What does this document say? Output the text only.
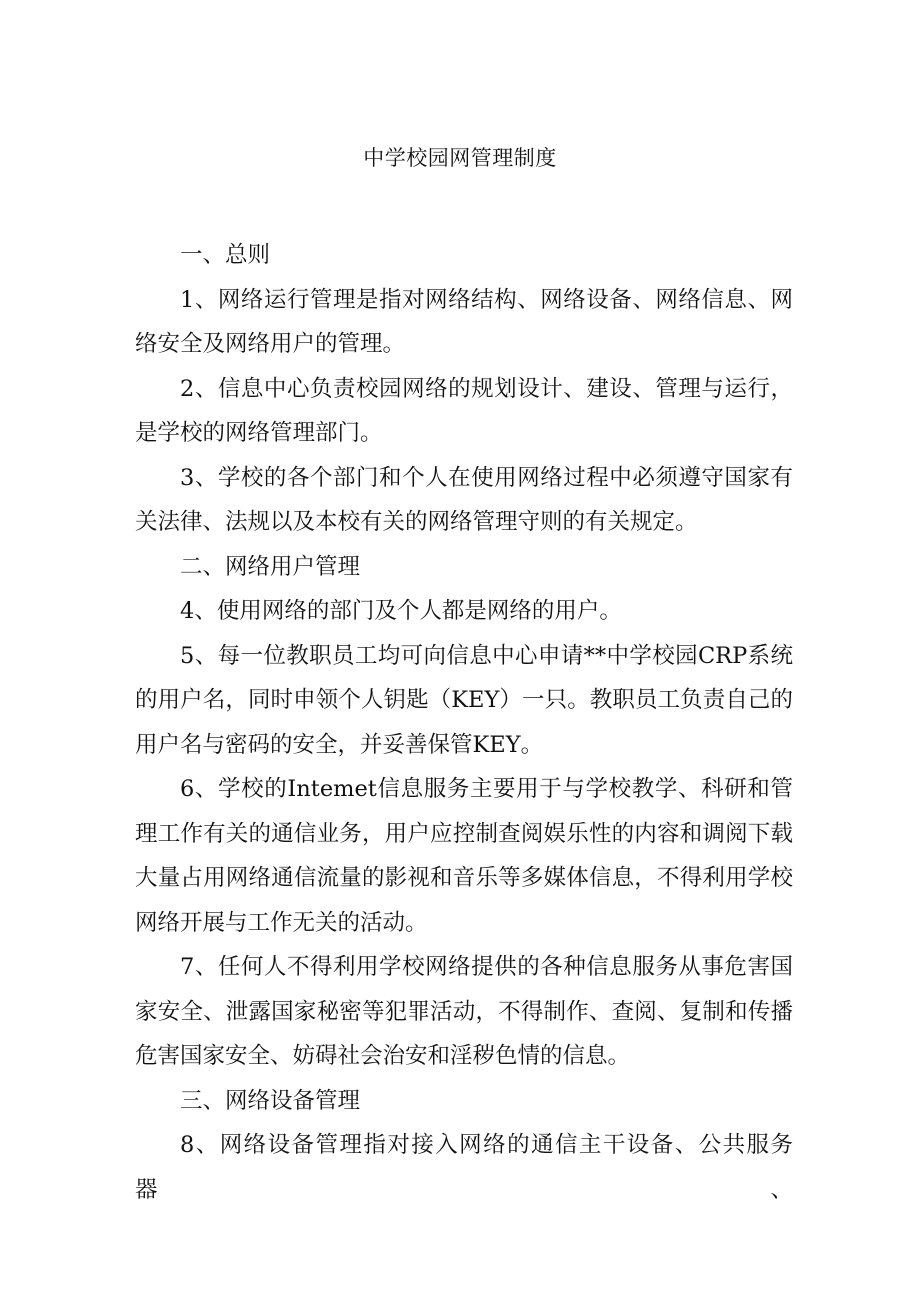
中学校园网管理制度

一、总则

1、网络运行管理是指对网络结构、网络设备、网络信息、网络安全及网络用户的管理。

2、信息中心负责校园网络的规划设计、建设、管理与运行，是学校的网络管理部门。

3、学校的各个部门和个人在使用网络过程中必须遵守国家有关法律、法规以及本校有关的网络管理守则的有关规定。

二、网络用户管理

4、使用网络的部门及个人都是网络的用户。

5、每一位教职员工均可向信息中心申请**中学校园CRP系统的用户名，同时申领个人钥匙（KEY）一只。教职员工负责自己的用户名与密码的安全，并妥善保管KEY。

6、学校的Intemet信息服务主要用于与学校教学、科研和管理工作有关的通信业务，用户应控制查阅娱乐性的内容和调阅下载大量占用网络通信流量的影视和音乐等多媒体信息，不得利用学校网络开展与工作无关的活动。

7、任何人不得利用学校网络提供的各种信息服务从事危害国家安全、泄露国家秘密等犯罪活动，不得制作、查阅、复制和传播危害国家安全、妨碍社会治安和淫秽色情的信息。

三、网络设备管理

8、网络设备管理指对接入网络的通信主干设备、公共服务器、
